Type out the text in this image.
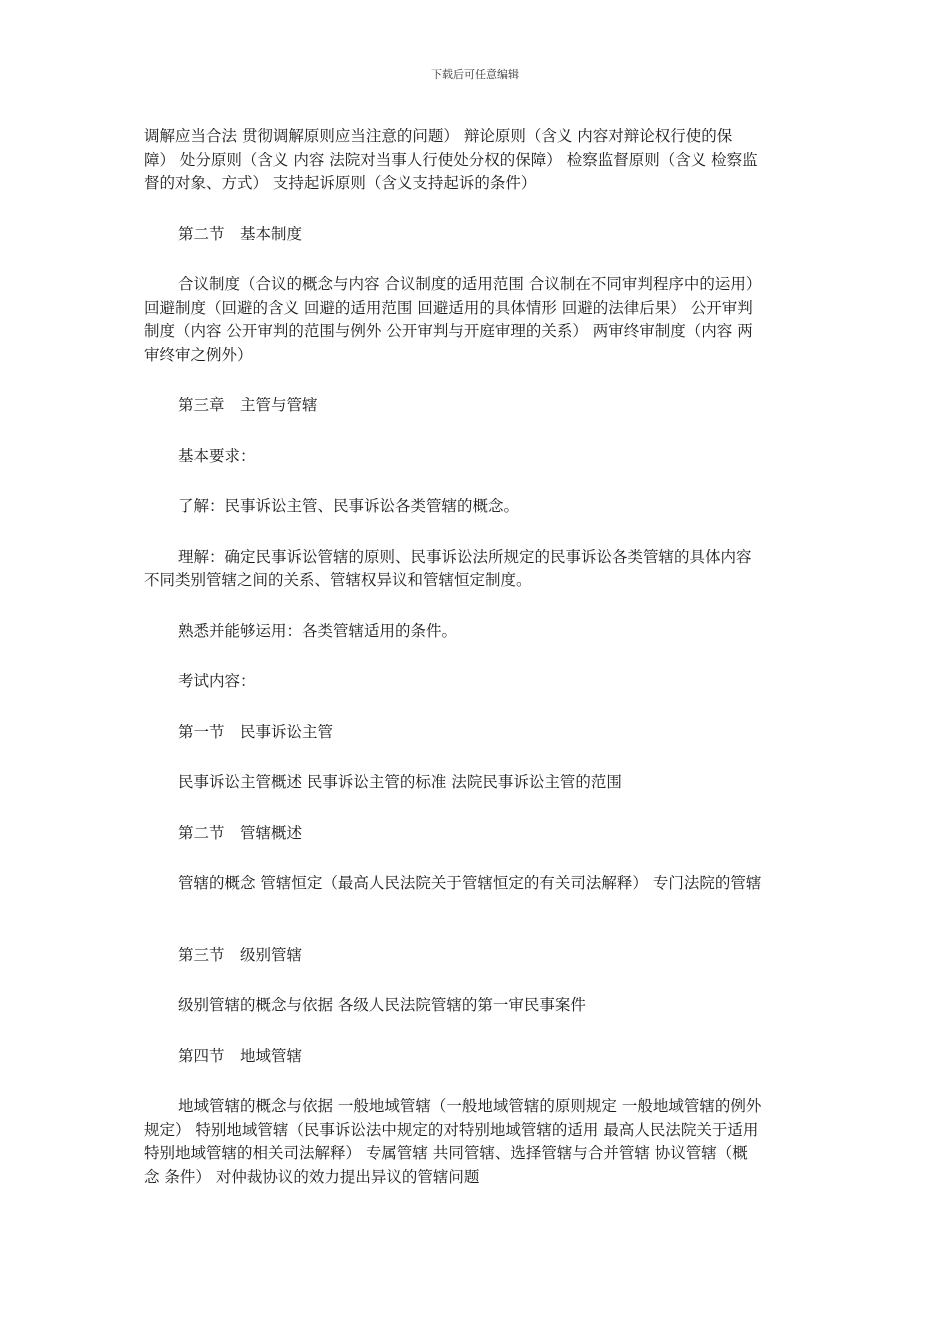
下载后可任意编辑
调解应当合法 贯彻调解原则应当注意的问题） 辩论原则（含义 内容对辩论权行使的保
障） 处分原则（含义 内容 法院对当事人行使处分权的保障） 检察监督原则（含义 检察监
督的对象、方式） 支持起诉原则（含义支持起诉的条件）
第二节　基本制度
合议制度（合议的概念与内容 合议制度的适用范围 合议制在不同审判程序中的运用）
回避制度（回避的含义 回避的适用范围 回避适用的具体情形 回避的法律后果） 公开审判
制度（内容 公开审判的范围与例外 公开审判与开庭审理的关系） 两审终审制度（内容 两
审终审之例外）
第三章　主管与管辖
基本要求：
了解：民事诉讼主管、民事诉讼各类管辖的概念。
理解：确定民事诉讼管辖的原则、民事诉讼法所规定的民事诉讼各类管辖的具体内容
不同类别管辖之间的关系、管辖权异议和管辖恒定制度。
熟悉并能够运用：各类管辖适用的条件。
考试内容：
第一节　民事诉讼主管
民事诉讼主管概述 民事诉讼主管的标准 法院民事诉讼主管的范围
第二节　管辖概述
管辖的概念 管辖恒定（最高人民法院关于管辖恒定的有关司法解释） 专门法院的管辖
第三节　级别管辖
级别管辖的概念与依据 各级人民法院管辖的第一审民事案件
第四节　地域管辖
地域管辖的概念与依据 一般地域管辖（一般地域管辖的原则规定 一般地域管辖的例外
规定） 特别地域管辖（民事诉讼法中规定的对特别地域管辖的适用 最高人民法院关于适用
特别地域管辖的相关司法解释） 专属管辖 共同管辖、选择管辖与合并管辖 协议管辖（概
念 条件） 对仲裁协议的效力提出异议的管辖问题
